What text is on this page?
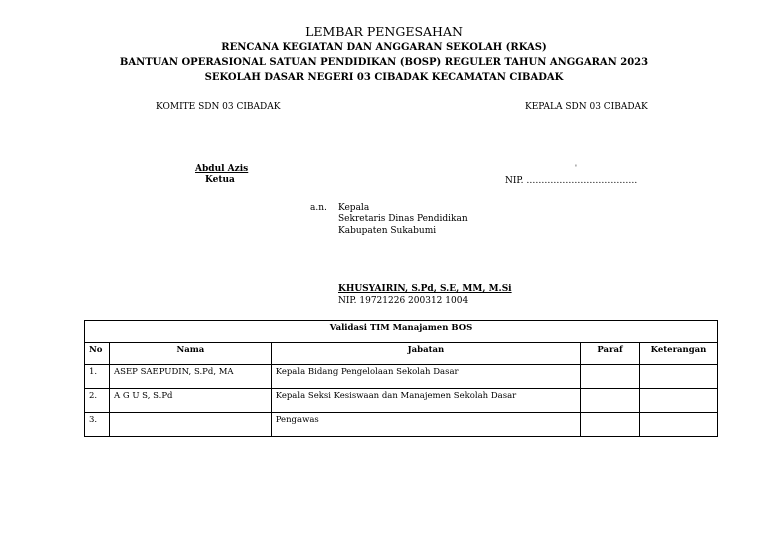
LEMBAR PENGESAHAN
RENCANA KEGIATAN DAN ANGGARAN SEKOLAH (RKAS)
BANTUAN OPERASIONAL SATUAN PENDIDIKAN (BOSP) REGULER TAHUN ANGGARAN 2023
SEKOLAH DASAR NEGERI 03 CIBADAK KECAMATAN CIBADAK
KOMITE SDN 03 CIBADAK	KEPALA SDN 03 CIBADAK
Abdul Azis
Ketua
'
NIP. ……………………………….
a.n. Kepala
Sekretaris Dinas Pendidikan
Kabupaten Sukabumi
KHUSYAIRIN, S.Pd, S.E, MM, M.Si
NIP. 19721226 200312 1004
Validasi TIM Manajamen BOS				
No	Nama	Jabatan	Paraf	Keterangan
1.	ASEP SAEPUDIN, S.Pd, MA	Kepala Bidang Pengelolaan Sekolah Dasar		
2.	A G U S, S.Pd	Kepala Seksi Kesiswaan dan Manajemen Sekolah Dasar		
3.		Pengawas		
